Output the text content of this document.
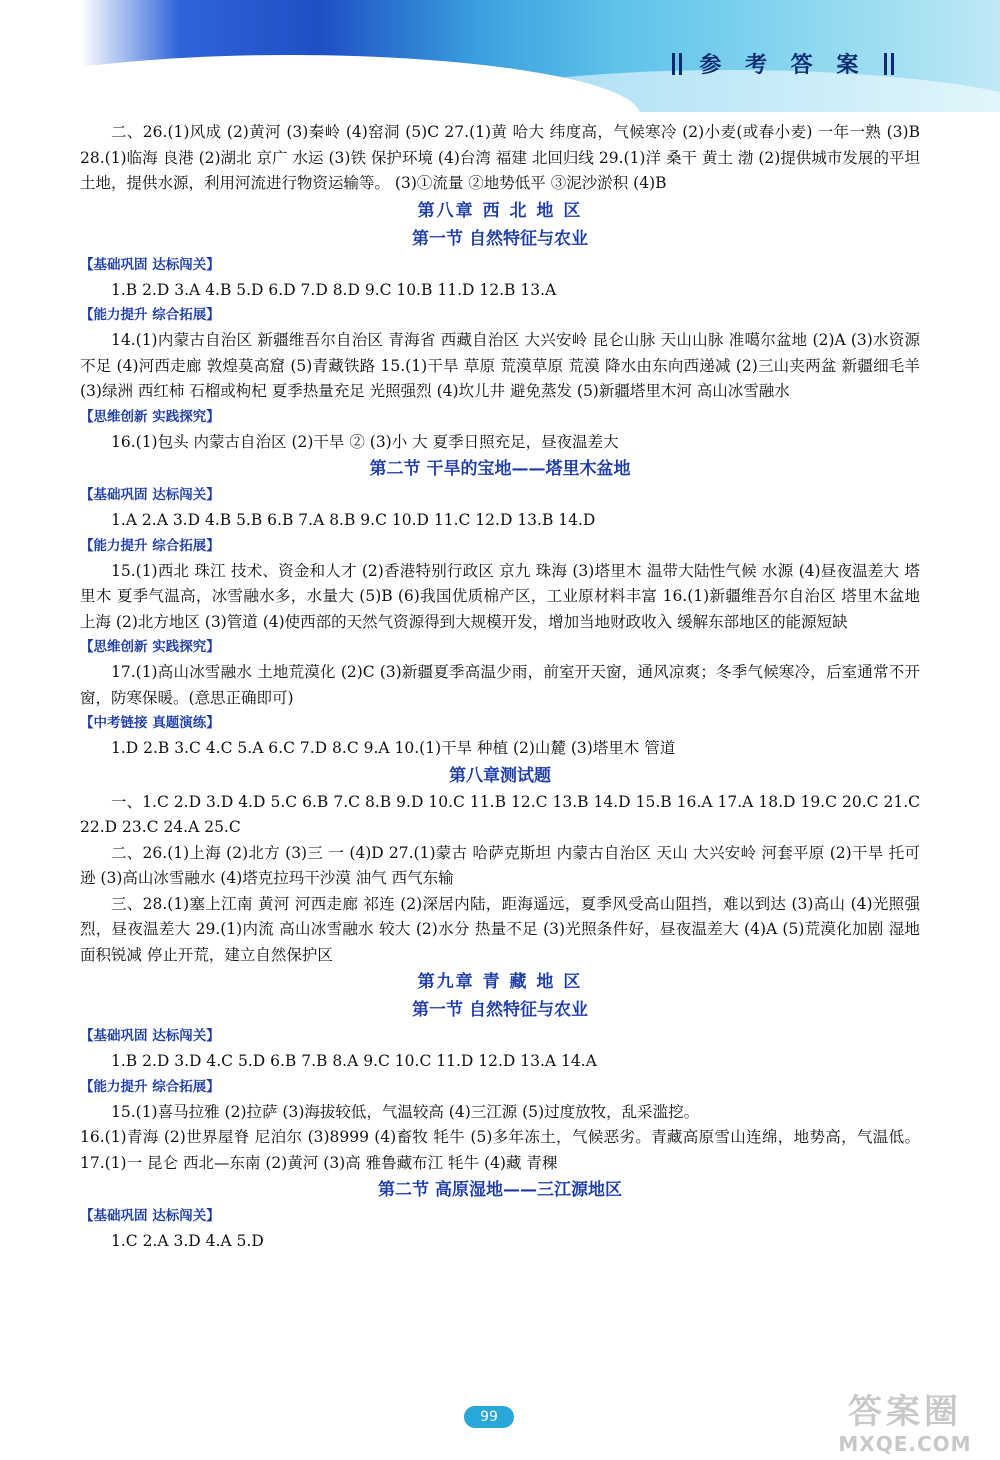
参 考 答 案
二、26.(1)风成 (2)黄河 (3)秦岭 (4)窑洞 (5)C 27.(1)黄 哈大 纬度高，气候寒冷 (2)小麦(或春小麦) 一年一熟 (3)B 28.(1)临海 良港 (2)湖北 京广 水运 (3)铁 保护环境 (4)台湾 福建 北回归线 29.(1)洋 桑干 黄土 渤 (2)提供城市发展的平坦土地，提供水源，利用河流进行物资运输等。 (3)①流量 ②地势低平 ③泥沙淤积 (4)B
第八章 西 北 地 区
第一节 自然特征与农业
【基础巩固 达标闯关】
1.B 2.D 3.A 4.B 5.D 6.D 7.D 8.D 9.C 10.B 11.D 12.B 13.A
【能力提升 综合拓展】
14.(1)内蒙古自治区 新疆维吾尔自治区 青海省 西藏自治区 大兴安岭 昆仑山脉 天山山脉 准噶尔盆地 (2)A (3)水资源不足 (4)河西走廊 敦煌莫高窟 (5)青藏铁路 15.(1)干旱 草原 荒漠草原 荒漠 降水由东向西递减 (2)三山夹两盆 新疆细毛羊 (3)绿洲 西红柿 石榴或枸杞 夏季热量充足 光照强烈 (4)坎儿井 避免蒸发 (5)新疆塔里木河 高山冰雪融水
【思维创新 实践探究】
16.(1)包头 内蒙古自治区 (2)干旱 ② (3)小 大 夏季日照充足，昼夜温差大
第二节 干旱的宝地——塔里木盆地
【基础巩固 达标闯关】
1.A 2.A 3.D 4.B 5.B 6.B 7.A 8.B 9.C 10.D 11.C 12.D 13.B 14.D
【能力提升 综合拓展】
15.(1)西北 珠江 技术、资金和人才 (2)香港特别行政区 京九 珠海 (3)塔里木 温带大陆性气候 水源 (4)昼夜温差大 塔里木 夏季气温高，冰雪融水多，水量大 (5)B (6)我国优质棉产区，工业原材料丰富 16.(1)新疆维吾尔自治区 塔里木盆地 上海 (2)北方地区 (3)管道 (4)使西部的天然气资源得到大规模开发，增加当地财政收入 缓解东部地区的能源短缺
【思维创新 实践探究】
17.(1)高山冰雪融水 土地荒漠化 (2)C (3)新疆夏季高温少雨，前室开天窗，通风凉爽；冬季气候寒冷，后室通常不开窗，防寒保暖。(意思正确即可)
【中考链接 真题演练】
1.D 2.B 3.C 4.C 5.A 6.C 7.D 8.C 9.A 10.(1)干旱 种植 (2)山麓 (3)塔里木 管道
第八章测试题
一、1.C 2.D 3.D 4.D 5.C 6.B 7.C 8.B 9.D 10.C 11.B 12.C 13.B 14.D 15.B 16.A 17.A 18.D 19.C 20.C 21.C 22.D 23.C 24.A 25.C
二、26.(1)上海 (2)北方 (3)三 一 (4)D 27.(1)蒙古 哈萨克斯坦 内蒙古自治区 天山 大兴安岭 河套平原 (2)干旱 托可逊 (3)高山冰雪融水 (4)塔克拉玛干沙漠 油气 西气东输
三、28.(1)塞上江南 黄河 河西走廊 祁连 (2)深居内陆，距海遥远，夏季风受高山阻挡，难以到达 (3)高山 (4)光照强烈，昼夜温差大 29.(1)内流 高山冰雪融水 较大 (2)水分 热量不足 (3)光照条件好，昼夜温差大 (4)A (5)荒漠化加剧 湿地面积锐减 停止开荒，建立自然保护区
第九章 青 藏 地 区
第一节 自然特征与农业
【基础巩固 达标闯关】
1.B 2.D 3.D 4.C 5.D 6.B 7.B 8.A 9.C 10.C 11.D 12.D 13.A 14.A
【能力提升 综合拓展】
15.(1)喜马拉雅 (2)拉萨 (3)海拔较低，气温较高 (4)三江源 (5)过度放牧，乱采滥挖。
16.(1)青海 (2)世界屋脊 尼泊尔 (3)8999 (4)畜牧 牦牛 (5)多年冻土，气候恶劣。青藏高原雪山连绵，地势高，气温低。 17.(1)一 昆仑 西北—东南 (2)黄河 (3)高 雅鲁藏布江 牦牛 (4)藏 青稞
第二节 高原湿地——三江源地区
【基础巩固 达标闯关】
1.C 2.A 3.D 4.A 5.D
99	答案圈
MXQE.COM
